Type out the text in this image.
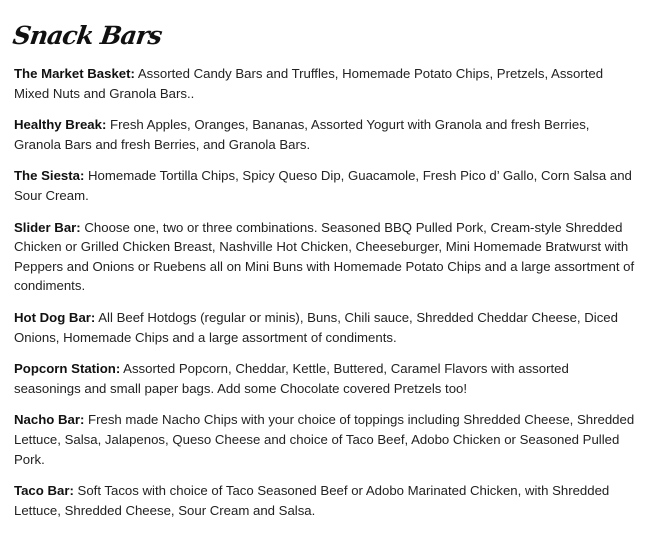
Snack Bars
The Market Basket: Assorted Candy Bars and Truffles, Homemade Potato Chips, Pretzels, Assorted Mixed Nuts and Granola Bars..
Healthy Break: Fresh Apples, Oranges, Bananas, Assorted Yogurt with Granola and fresh Berries, Granola Bars and fresh Berries, and Granola Bars.
The Siesta: Homemade Tortilla Chips, Spicy Queso Dip, Guacamole, Fresh Pico d’ Gallo, Corn Salsa and Sour Cream.
Slider Bar: Choose one, two or three combinations. Seasoned BBQ Pulled Pork, Cream-style Shredded Chicken or Grilled Chicken Breast, Nashville Hot Chicken, Cheeseburger, Mini Homemade Bratwurst with Peppers and Onions or Ruebens all on Mini Buns with Homemade Potato Chips and a large assortment of condiments.
Hot Dog Bar: All Beef Hotdogs (regular or minis), Buns, Chili sauce, Shredded Cheddar Cheese, Diced Onions, Homemade Chips and a large assortment of condiments.
Popcorn Station: Assorted Popcorn, Cheddar, Kettle, Buttered, Caramel Flavors with assorted seasonings and small paper bags. Add some Chocolate covered Pretzels too!
Nacho Bar: Fresh made Nacho Chips with your choice of toppings including Shredded Cheese, Shredded Lettuce, Salsa, Jalapenos, Queso Cheese and choice of Taco Beef, Adobo Chicken or Seasoned Pulled Pork.
Taco Bar: Soft Tacos with choice of Taco Seasoned Beef or Adobo Marinated Chicken, with Shredded Lettuce, Shredded Cheese, Sour Cream and Salsa.
